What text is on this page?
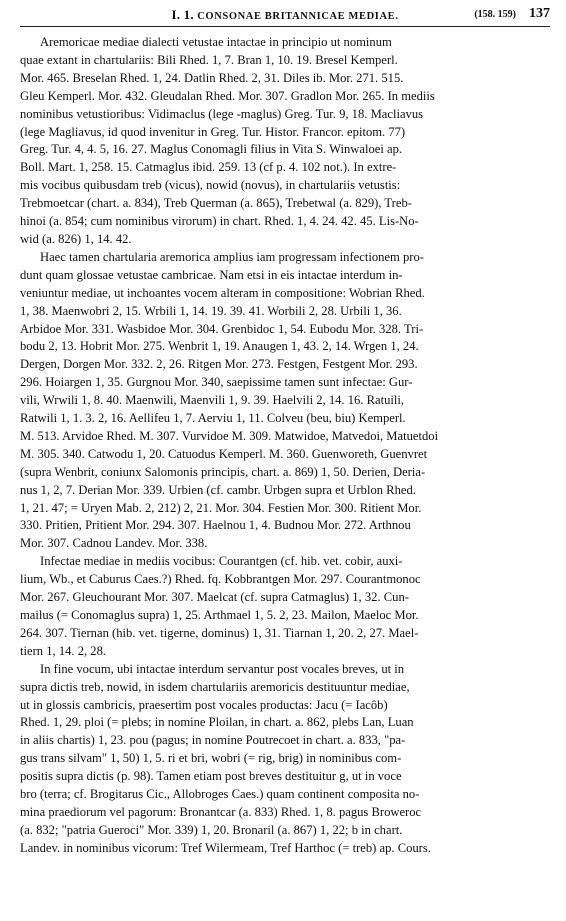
I. 1. CONSONAE BRITANNICAE MEDIAE.	(158. 159) 137

Aremoricae mediae dialecti vetustae intactae in principio ut nominum
quae extant in chartulariis: Bili Rhed. 1, 7. Bran 1, 10. 19. Bresel Kemperl.
Mor. 465. Breselan Rhed. 1, 24. Datlin Rhed. 2, 31. Diles ib. Mor. 271. 515.
Gleu Kemperl. Mor. 432. Gleudalan Rhed. Mor. 307. Gradlon Mor. 265. In mediis
nominibus vetustioribus: Vidimaclus (lege -maglus) Greg. Tur. 9, 18. Macliavus
(lege Magliavus, id quod invenitur in Greg. Tur. Histor. Francor. epitom. 77)
Greg. Tur. 4, 4. 5, 16. 27. Maglus Conomagli filius in Vita S. Winwaloei ap.
Boll. Mart. 1, 258. 15. Catmaglus ibid. 259. 13 (cf p. 4. 102 not.). In extre-
mis vocibus quibusdam treb (vicus), nowid (novus), in chartulariis vetustis:
Trebmoetcar (chart. a. 834), Treb Querman (a. 865), Trebetwal (a. 829), Treb-
hinoi (a. 854; cum nominibus virorum) in chart. Rhed. 1, 4. 24. 42. 45. Lis-No-
wid (a. 826) 1, 14. 42.

Haec tamen chartularia aremorica amplius iam progressam infectionem pro-
dunt quam glossae vetustae cambricae. Nam etsi in eis intactae interdum in-
veniuntur mediae, ut inchoantes vocem alteram in compositione: Wobrian Rhed.
1, 38. Maenwobri 2, 15. Wrbili 1, 14. 19. 39. 41. Worbili 2, 28. Urbili 1, 36.
Arbidoe Mor. 331. Wasbidoe Mor. 304. Grenbidoc 1, 54. Eubodu Mor. 328. Tri-
bodu 2, 13. Hobrit Mor. 275. Wenbrit 1, 19. Anaugen 1, 43. 2, 14. Wrgen 1, 24.
Dergen, Dorgen Mor. 332. 2, 26. Ritgen Mor. 273. Festgen, Festgent Mor. 293.
296. Hoiargen 1, 35. Gurgnou Mor. 340, saepissime tamen sunt infectae: Gur-
vili, Wrwili 1, 8. 40. Maenwili, Maenvili 1, 9. 39. Haelvili 2, 14. 16. Ratuili,
Ratwili 1, 1. 3. 2, 16. Aellifeu 1, 7. Aerviu 1, 11. Colveu (beu, biu) Kemperl.
M. 513. Arvidoe Rhed. M. 307. Vurvidoe M. 309. Matwidoe, Matvedoi, Matuetdoi
M. 305. 340. Catwodu 1, 20. Catuodus Kemperl. M. 360. Guenworeth, Guenvret
(supra Wenbrit, coniunx Salomonis principis, chart. a. 869) 1, 50. Derien, Deria-
nus 1, 2, 7. Derian Mor. 339. Urbien (cf. cambr. Urbgen supra et Urblon Rhed.
1, 21. 47; = Uryen Mab. 2, 212) 2, 21. Mor. 304. Festien Mor. 300. Ritient Mor.
330. Pritien, Pritient Mor. 294. 307. Haelnou 1, 4. Budnou Mor. 272. Arthnou
Mor. 307. Cadnou Landev. Mor. 338.

Infectae mediae in mediis vocibus: Courantgen (cf. hib. vet. cobir, auxi-
lium, Wb., et Caburus Caes.?) Rhed. fq. Kobbrantgen Mor. 297. Courantmonoc
Mor. 267. Gleuchourant Mor. 307. Maelcat (cf. supra Catmaglus) 1, 32. Cun-
mailus (= Conomaglus supra) 1, 25. Arthmael 1, 5. 2, 23. Mailon, Maeloc Mor.
264. 307. Tiernan (hib. vet. tigerne, dominus) 1, 31. Tiarnan 1, 20. 2, 27. Mael-
tiern 1, 14. 2, 28.

In fine vocum, ubi intactae interdum servantur post vocales breves, ut in
supra dictis treb, nowid, in isdem chartulariis aremoricis destituuntur mediae,
ut in glossis cambricis, praesertim post vocales productas: Jacu (= Iacôb)
Rhed. 1, 29. ploi (= plebs; in nomine Ploilan, in chart. a. 862, plebs Lan, Luan
in aliis chartis) 1, 23. pou (pagus; in nomine Poutrecoet in chart. a. 833, "pa-
gus trans silvam" 1, 50) 1, 5. ri et bri, wobri (= rig, brig) in nominibus com-
positis supra dictis (p. 98). Tamen etiam post breves destituitur g, ut in voce
bro (terra; cf. Brogitarus Cic., Allobroges Caes.) quam continent composita no-
mina praediorum vel pagorum: Bronantcar (a. 833) Rhed. 1, 8. pagus Broweroc
(a. 832; "patria Gueroci" Mor. 339) 1, 20. Bronaril (a. 867) 1, 22; b in chart.
Landev. in nominibus vicorum: Tref Wilermeam, Tref Harthoc (= treb) ap. Cours.
